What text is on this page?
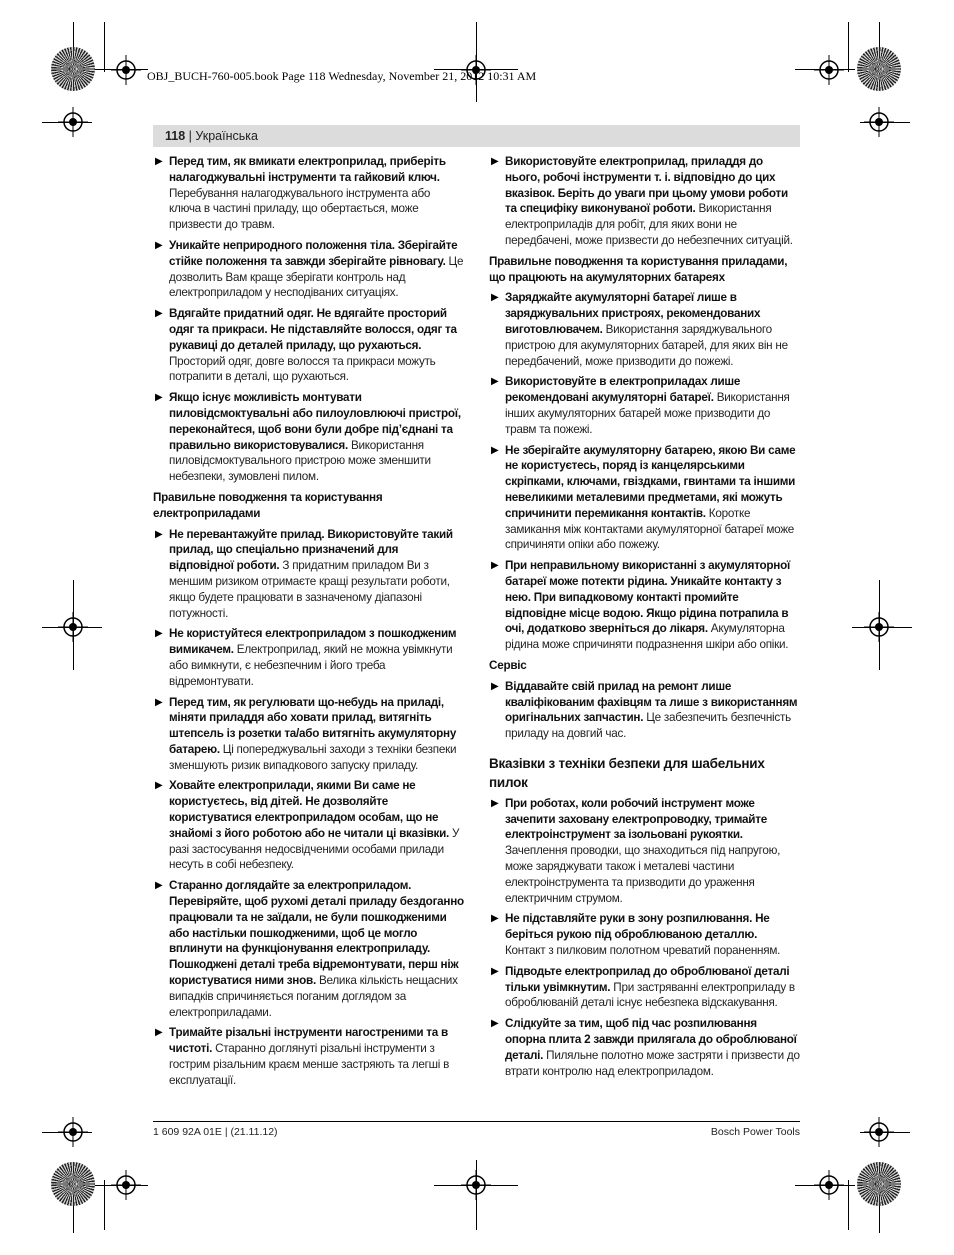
OBJ_BUCH-760-005.book Page 118 Wednesday, November 21, 2012 10:31 AM
118 | Українська
▶ Перед тим, як вмикати електроприлад, приберіть налагоджувальні інструменти та гайковий ключ. Перебування налагоджувального інструмента або ключа в частині приладу, що обертається, може призвести до травм.
▶ Уникайте неприродного положення тіла. Зберігайте стійке положення та завжди зберігайте рівновагу. Це дозволить Вам краще зберігати контроль над електроприладом у несподіваних ситуаціях.
▶ Вдягайте придатний одяг. Не вдягайте просторий одяг та прикраси. Не підставляйте волосся, одяг та рукавиці до деталей приладу, що рухаються. Просторий одяг, довге волосся та прикраси можуть потрапити в деталі, що рухаються.
▶ Якщо існує можливість монтувати пиловідсмоктувальні або пилоуловлюючі пристрої, переконайтеся, щоб вони були добре під’єднані та правильно використовувалися. Використання пиловідсмоктувального пристрою може зменшити небезпеки, зумовлені пилом.
Правильне поводження та користування електроприладами
▶ Не перевантажуйте прилад. Використовуйте такий прилад, що спеціально призначений для відповідної роботи. З придатним приладом Ви з меншим ризиком отримаєте кращі результати роботи, якщо будете працювати в зазначеному діапазоні потужності.
▶ Не користуйтеся електроприладом з пошкодженим вимикачем. Електроприлад, який не можна увімкнути або вимкнути, є небезпечним і його треба відремонтувати.
▶ Перед тим, як регулювати що-небудь на приладі, міняти приладдя або ховати прилад, витягніть штепсель із розетки та/або витягніть акумуляторну батарею. Ці попереджувальні заходи з техніки безпеки зменшують ризик випадкового запуску приладу.
▶ Ховайте електроприлади, якими Ви саме не користуєтесь, від дітей. Не дозволяйте користуватися електроприладом особам, що не знайомі з його роботою або не читали ці вказівки. У разі застосування недосвідченими особами прилади несуть в собі небезпеку.
▶ Старанно доглядайте за електроприладом. Перевіряйте, щоб рухомі деталі приладу бездоганно працювали та не заїдали, не були пошкодженими або настільки пошкодженими, щоб це могло вплинути на функціонування електроприладу. Пошкоджені деталі треба відремонтувати, перш ніж користуватися ними знов. Велика кількість нещасних випадків спричиняється поганим доглядом за електроприладами.
▶ Тримайте різальні інструменти нагостреними та в чистоті. Старанно доглянуті різальні інструменти з гострим різальним краєм менше застряють та легші в експлуатації.
▶ Використовуйте електроприлад, приладдя до нього, робочі інструменти т. і. відповідно до цих вказівок. Беріть до уваги при цьому умови роботи та специфіку виконуваної роботи. Використання електроприладів для робіт, для яких вони не передбачені, може призвести до небезпечних ситуацій.
Правильне поводження та користування приладами, що працюють на акумуляторних батареях
▶ Заряджайте акумуляторні батареї лише в заряджувальних пристроях, рекомендованих виготовлювачем. Використання заряджувального пристрою для акумуляторних батарей, для яких він не передбачений, може призводити до пожежі.
▶ Використовуйте в електроприладах лише рекомендовані акумуляторні батареї. Використання інших акумуляторних батарей може призводити до травм та пожежі.
▶ Не зберігайте акумуляторну батарею, якою Ви саме не користуєтесь, поряд із канцелярськими скріпками, ключами, гвіздками, гвинтами та іншими невеликими металевими предметами, які можуть спричинити перемикання контактів. Коротке замикання між контактами акумуляторної батареї може спричиняти опіки або пожежу.
▶ При неправильному використанні з акумуляторної батареї може потекти рідина. Уникайте контакту з нею. При випадковому контакті промийте відповідне місце водою. Якщо рідина потрапила в очі, додатково зверніться до лікаря. Акумуляторна рідина може спричиняти подразнення шкіри або опіки.
Сервіс
▶ Віддавайте свій прилад на ремонт лише кваліфікованим фахівцям та лише з використанням оригінальних запчастин. Це забезпечить безпечність приладу на довгий час.
Вказівки з техніки безпеки для шабельних пилок
▶ При роботах, коли робочий інструмент може зачепити заховану електропроводку, тримайте електроінструмент за ізольовані рукоятки. Зачеплення проводки, що знаходиться під напругою, може заряджувати також і металеві частини електроінструмента та призводити до ураження електричним струмом.
▶ Не підставляйте руки в зону розпилювання. Не беріться рукою під оброблюваною деталлю. Контакт з пилковим полотном чреватий пораненням.
▶ Підводьте електроприлад до оброблюваної деталі тільки увімкнутим. При застряванні електроприладу в оброблюваній деталі існує небезпека відскакування.
▶ Слідкуйте за тим, щоб під час розпилювання опорна плита 2 завжди прилягала до оброблюваної деталі. Пиляльне полотно може застряти і призвести до втрати контролю над електроприладом.
1 609 92A 01E | (21.11.12)	Bosch Power Tools
